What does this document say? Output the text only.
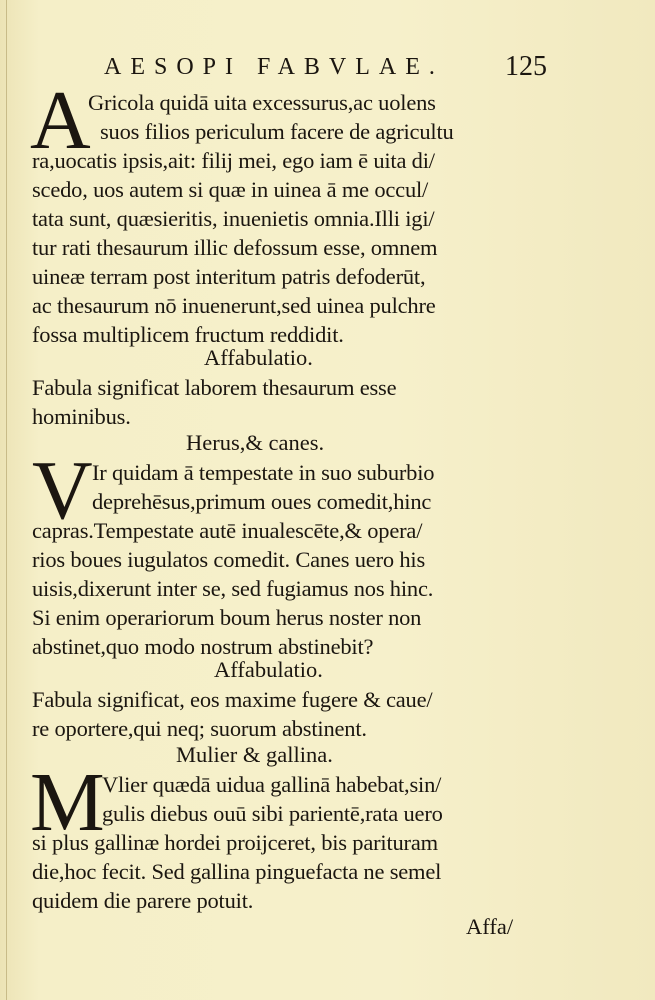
AESOPI FABVLAE. 125
A
Gricola quidā uita excessurus,ac uolens
suos filios periculum facere de agricultu
ra,uocatis ipsis,ait: filij mei, ego iam ē uita di/
scedo, uos autem si quæ in uinea ā me occul/
tata sunt, quæsieritis, inuenietis omnia.Illi igi/
tur rati thesaurum illic defossum esse, omnem
uineæ terram post interitum patris defoderūt,
ac thesaurum nō inuenerunt,sed uinea pulchre
fossa multiplicem fructum reddidit.
Affabulatio.
Fabula significat laborem thesaurum esse
hominibus.
Herus,& canes.
V Ir quidam ā tempestate in suo suburbio
deprehēsus,primum oues comedit,hinc
capras.Tempestate autē inualescēte,& opera/
rios boues iugulatos comedit. Canes uero his
uisis,dixerunt inter se, sed fugiamus nos hinc.
Si enim operariorum boum herus noster non
abstinet,quo modo nostrum abstinebit?
Affabulatio.
Fabula significat, eos maxime fugere & caue/
re oportere,qui neq; suorum abstinent.
Mulier & gallina.
M
Vlier quædā uidua gallinā habebat,sin/
gulis diebus ouū sibi parientē,rata uero
si plus gallinæ hordei proijceret, bis parituram
die,hoc fecit. Sed gallina pinguefacta ne semel
quidem die parere potuit.
Affa/
